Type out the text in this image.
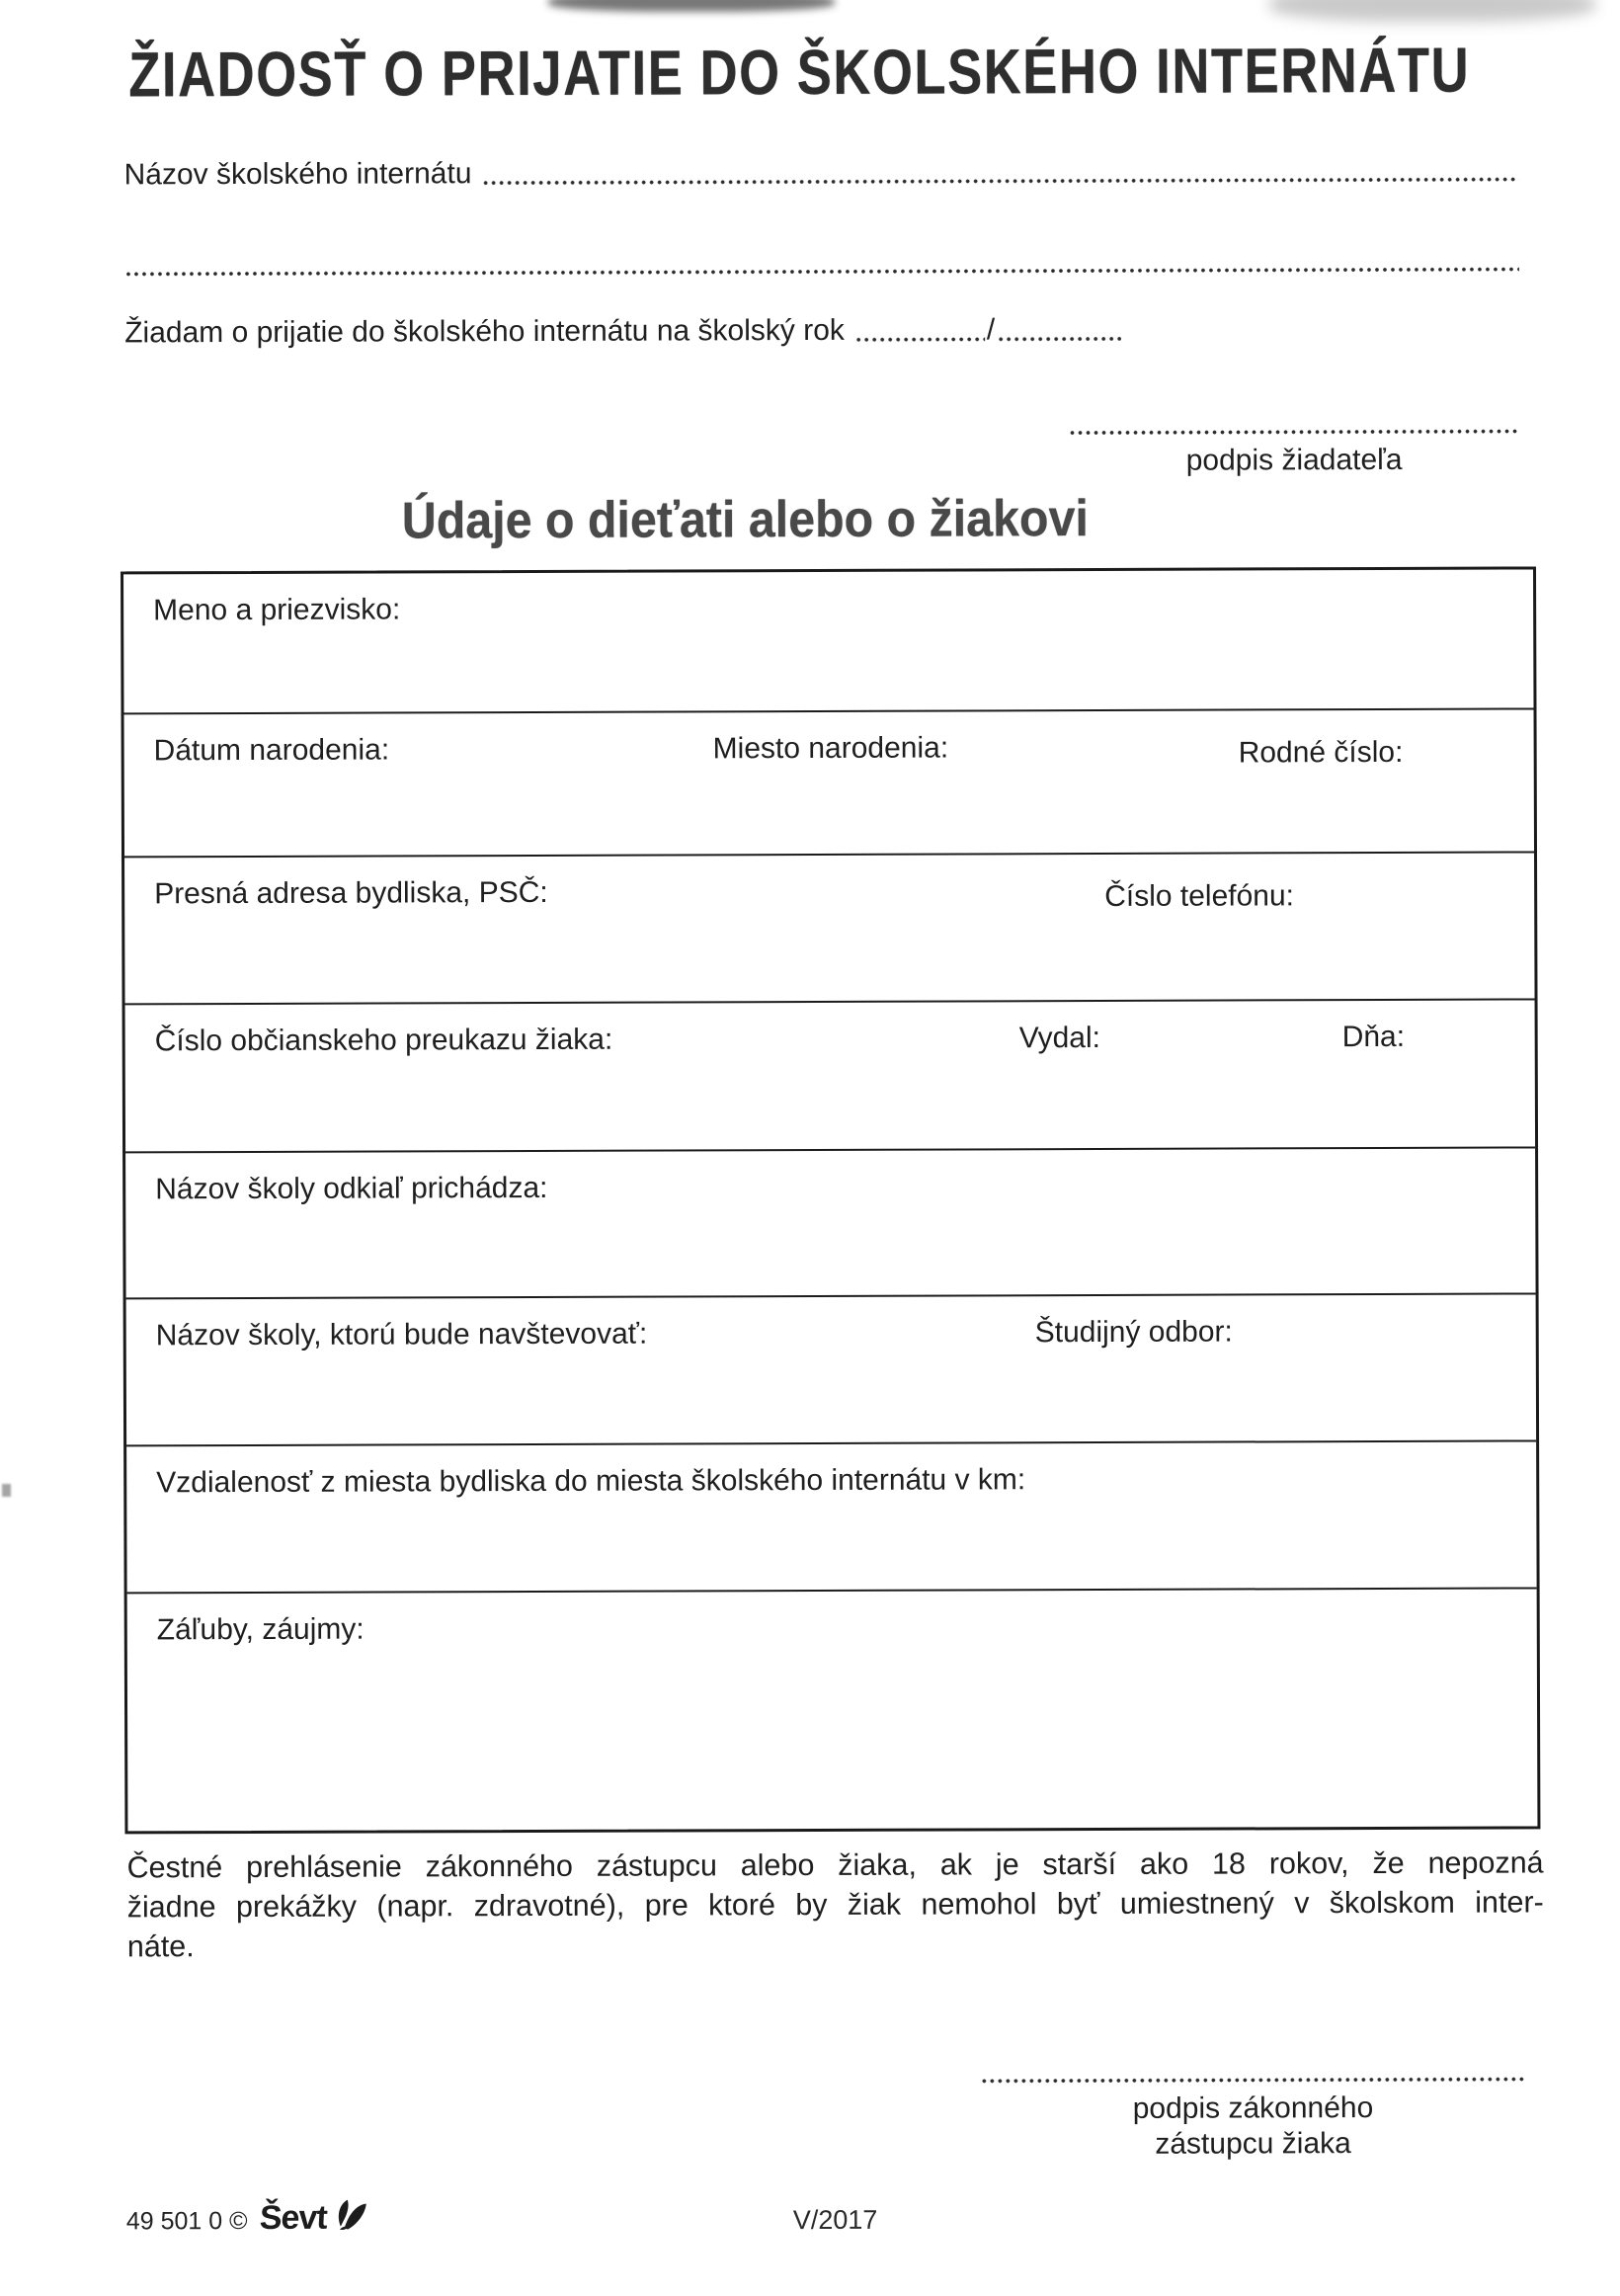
ŽIADOSŤ O PRIJATIE DO ŠKOLSKÉHO INTERNÁTU
Názov školského internátu
Žiadam o prijatie do školského internátu na školský rok	/
podpis žiadateľa
Údaje o dieťati alebo o žiakovi
Meno a priezvisko:
Dátum narodenia:	Miesto narodenia:	Rodné číslo:
Presná adresa bydliska, PSČ:	Číslo telefónu:
Číslo občianskeho preukazu žiaka:	Vydal:	Dňa:
Názov školy odkiaľ prichádza:
Názov školy, ktorú bude navštevovať:	Študijný odbor:
Vzdialenosť z miesta bydliska do miesta školského internátu v km:
Záľuby, záujmy:
Čestné prehlásenie zákonného zástupcu alebo žiaka, ak je starší ako 18 rokov, že nepozná
žiadne prekážky (napr. zdravotné), pre ktoré by žiak nemohol byť umiestnený v školskom inter-
náte.
podpis zákonného
zástupcu žiaka
49 501 0 © Ševt	V/2017
